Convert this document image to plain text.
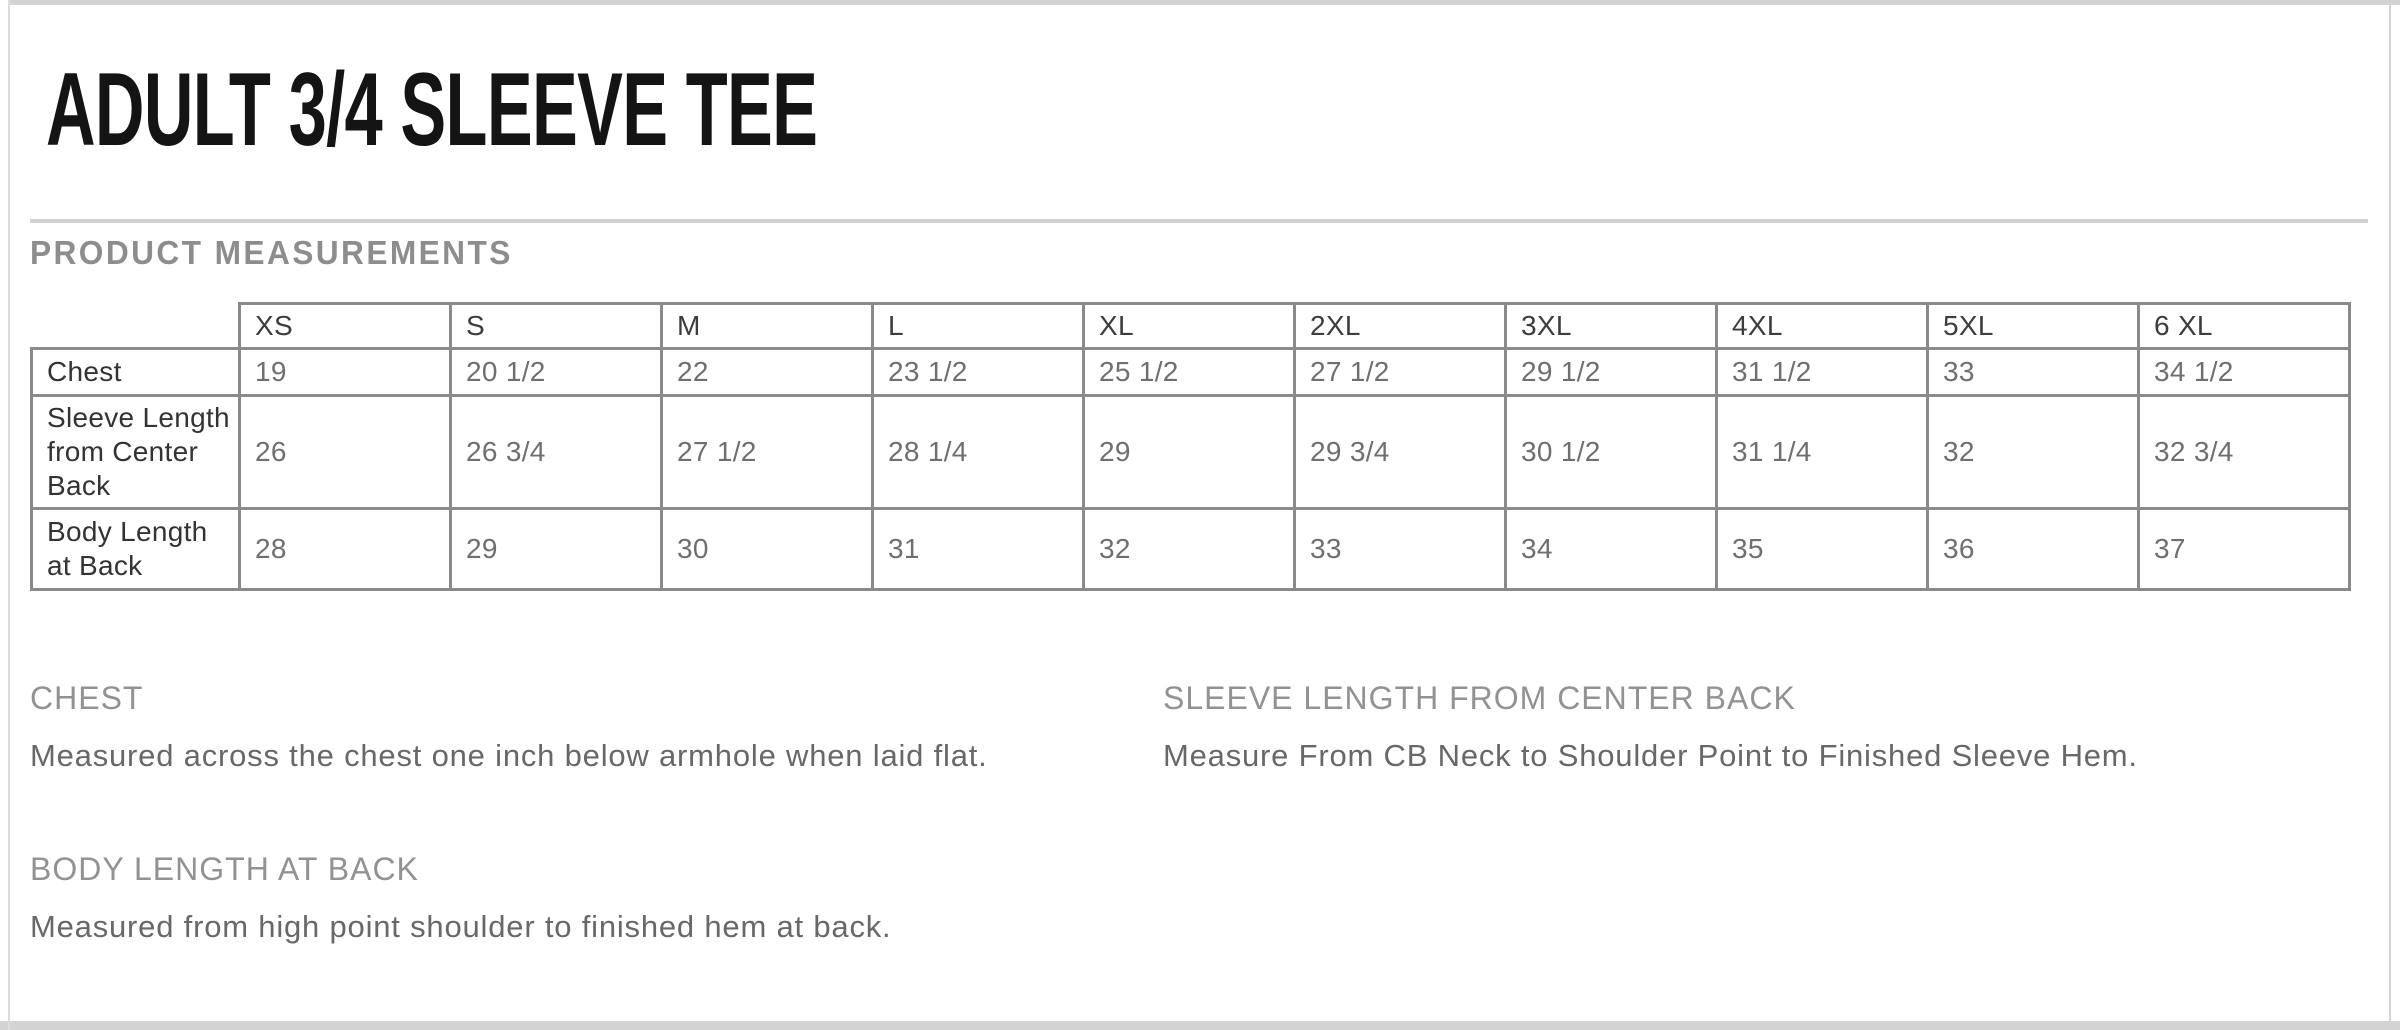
ADULT 3/4 SLEEVE TEE
PRODUCT MEASUREMENTS
	XS	S	M	L	XL	2XL	3XL	4XL	5XL	6 XL
Chest	19	20 1/2	22	23 1/2	25 1/2	27 1/2	29 1/2	31 1/2	33	34 1/2
Sleeve Length from Center Back	26	26 3/4	27 1/2	28 1/4	29	29 3/4	30 1/2	31 1/4	32	32 3/4
Body Length at Back	28	29	30	31	32	33	34	35	36	37
CHEST
Measured across the chest one inch below armhole when laid flat.
SLEEVE LENGTH FROM CENTER BACK
Measure From CB Neck to Shoulder Point to Finished Sleeve Hem.
BODY LENGTH AT BACK
Measured from high point shoulder to finished hem at back.
